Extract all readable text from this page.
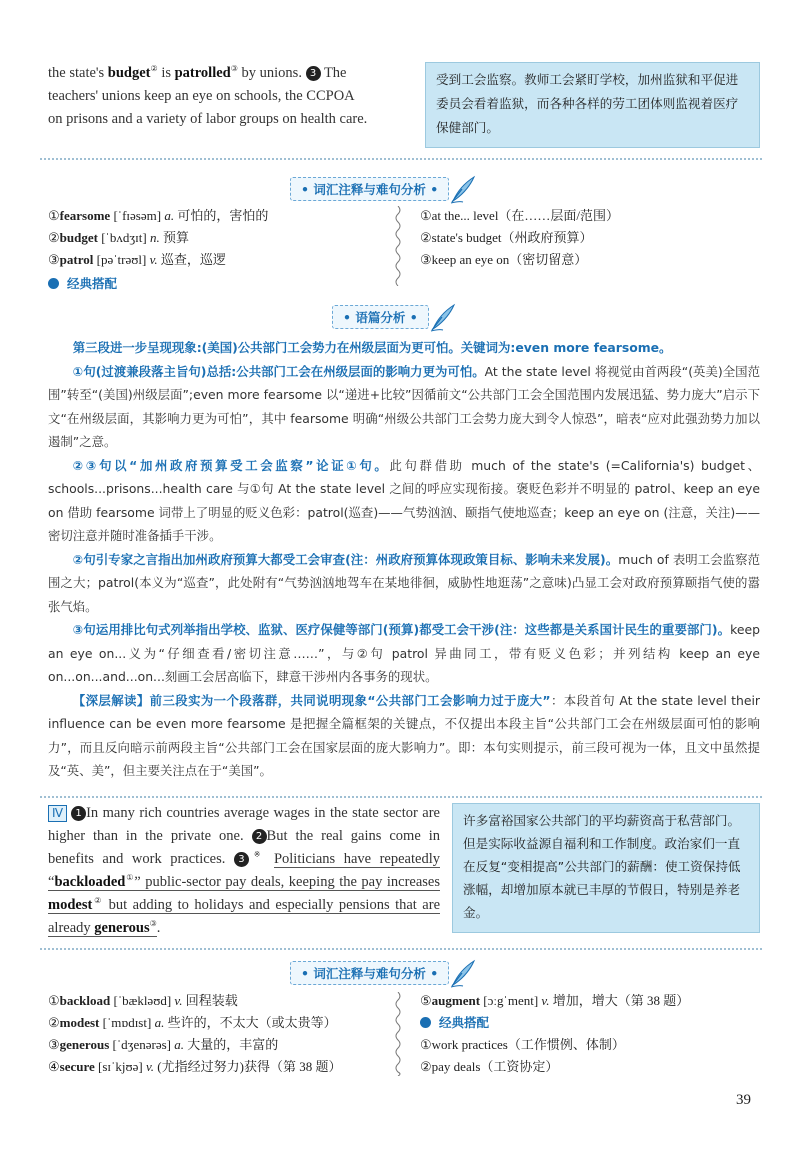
the state's budget② is patrolled③ by unions. 3 The
teachers' unions keep an eye on schools, the CCPOA
on prisons and a variety of labor groups on health care.
受到工会监察。教师工会紧盯学校，加州监狱和平促进委员会看着监狱，而各种各样的劳工团体则监视着医疗保健部门。
• 词汇注释与难句分析 •
①fearsome [ˈfɪəsəm] a. 可怕的，害怕的
②budget [ˈbʌdʒɪt] n. 预算
③patrol [pəˈtrəʊl] v. 巡查，巡逻
经典搭配
①at the... level（在……层面/范围）
②state's budget（州政府预算）
③keep an eye on（密切留意）
• 语篇分析 •

第三段进一步呈现现象:(美国)公共部门工会势力在州级层面为更可怕。关键词为:even more fearsome。

①句(过渡兼段落主旨句)总括:公共部门工会在州级层面的影响力更为可怕。At the state level 将视觉由首两段“(英美)全国范围”转至“(美国)州级层面”;even more fearsome 以“递进+比较”因循前文“公共部门工会全国范围内发展迅猛、势力庞大”启示下文“在州级层面，其影响力更为可怕”，其中 fearsome 明确“州级公共部门工会势力庞大到令人惊恐”，暗表“应对此强劲势力加以遏制”之意。

②③句以“加州政府预算受工会监察”论证①句。此句群借助 much of the state's (=California's) budget、schools...prisons...health care 与①句 At the state level 之间的呼应实现衔接。褒贬色彩并不明显的 patrol、keep an eye on 借助 fearsome 词带上了明显的贬义色彩：patrol(巡查)——气势汹汹、颐指气使地巡查；keep an eye on (注意，关注)——密切注意并随时准备插手干涉。

②句引专家之言指出加州政府预算大都受工会审查(注：州政府预算体现政策目标、影响未来发展)。much of 表明工会监察范围之大；patrol(本义为“巡查”，此处附有“气势汹汹地驾车在某地徘徊，威胁性地逛荡”之意味)凸显工会对政府预算颐指气使的嚣张气焰。

③句运用排比句式列举指出学校、监狱、医疗保健等部门(预算)都受工会干涉(注：这些都是关系国计民生的重要部门)。keep an eye on...义为“仔细查看/密切注意……”，与②句 patrol 异曲同工，带有贬义色彩；并列结构 keep an eye on...on...and...on...刻画工会居高临下，肆意干涉州内各事务的现状。

【深层解读】前三段实为一个段落群，共同说明现象“公共部门工会影响力过于庞大”：本段首句 At the state level their influence can be even more fearsome 是把握全篇框架的关键点，不仅提出本段主旨“公共部门工会在州级层面可怕的影响力”，而且反向暗示前两段主旨“公共部门工会在国家层面的庞大影响力”。即：本句实则提示，前三段可视为一体，且文中虽然提及“英、美”，但主要关注点在于“美国”。

Ⅳ 1 In many rich countries average wages in the state sector are higher than in the private one. 2 But the real gains come in benefits and work practices. 3 ※ Politicians have repeatedly “backloaded①” public-sector pay deals, keeping the pay increases modest② but adding to holidays and especially pensions that are already generous③.
许多富裕国家公共部门的平均薪资高于私营部门。但是实际收益源自福利和工作制度。政治家们一直在反复“变相提高”公共部门的薪酬：使工资保持低涨幅，却增加原本就已丰厚的节假日，特别是养老金。
• 词汇注释与难句分析 •
①backload [ˈbækləʊd] v. 回程装载
②modest [ˈmɒdɪst] a. 些许的，不太大（或太贵等）
③generous [ˈdʒenərəs] a. 大量的，丰富的
④secure [sɪˈkjʊə] v. (尤指经过努力)获得（第 38 题）
⑤augment [ɔːgˈment] v. 增加，增大（第 38 题）
经典搭配
①work practices（工作惯例、体制）
②pay deals（工资协定）
39
